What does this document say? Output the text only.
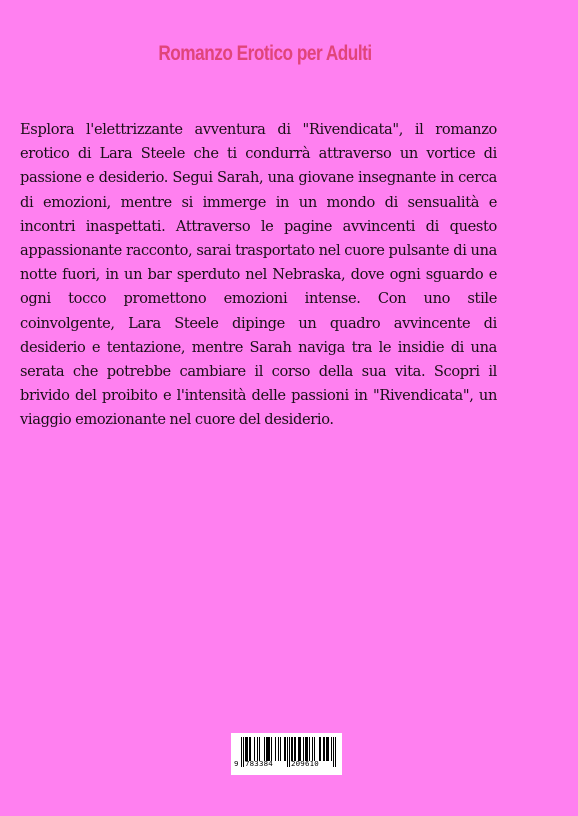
Romanzo Erotico per Adulti

Esplora l'elettrizzante avventura di "Rivendicata", il romanzo erotico di Lara Steele che ti condurrà attraverso un vortice di passione e desiderio. Segui Sarah, una giovane insegnante in cerca di emozioni, mentre si immerge in un mondo di sensualità e incontri inaspettati. Attraverso le pagine avvincenti di questo appassionante racconto, sarai trasportato nel cuore pulsante di una notte fuori, in un bar sperduto nel Nebraska, dove ogni sguardo e ogni tocco promettono emozioni intense. Con uno stile coinvolgente, Lara Steele dipinge un quadro avvincente di desiderio e tentazione, mentre Sarah naviga tra le insidie di una serata che potrebbe cambiare il corso della sua vita. Scopri il brivido del proibito e l'intensità delle passioni in "Rivendicata", un viaggio emozionante nel cuore del desiderio.

9 783384 209610
